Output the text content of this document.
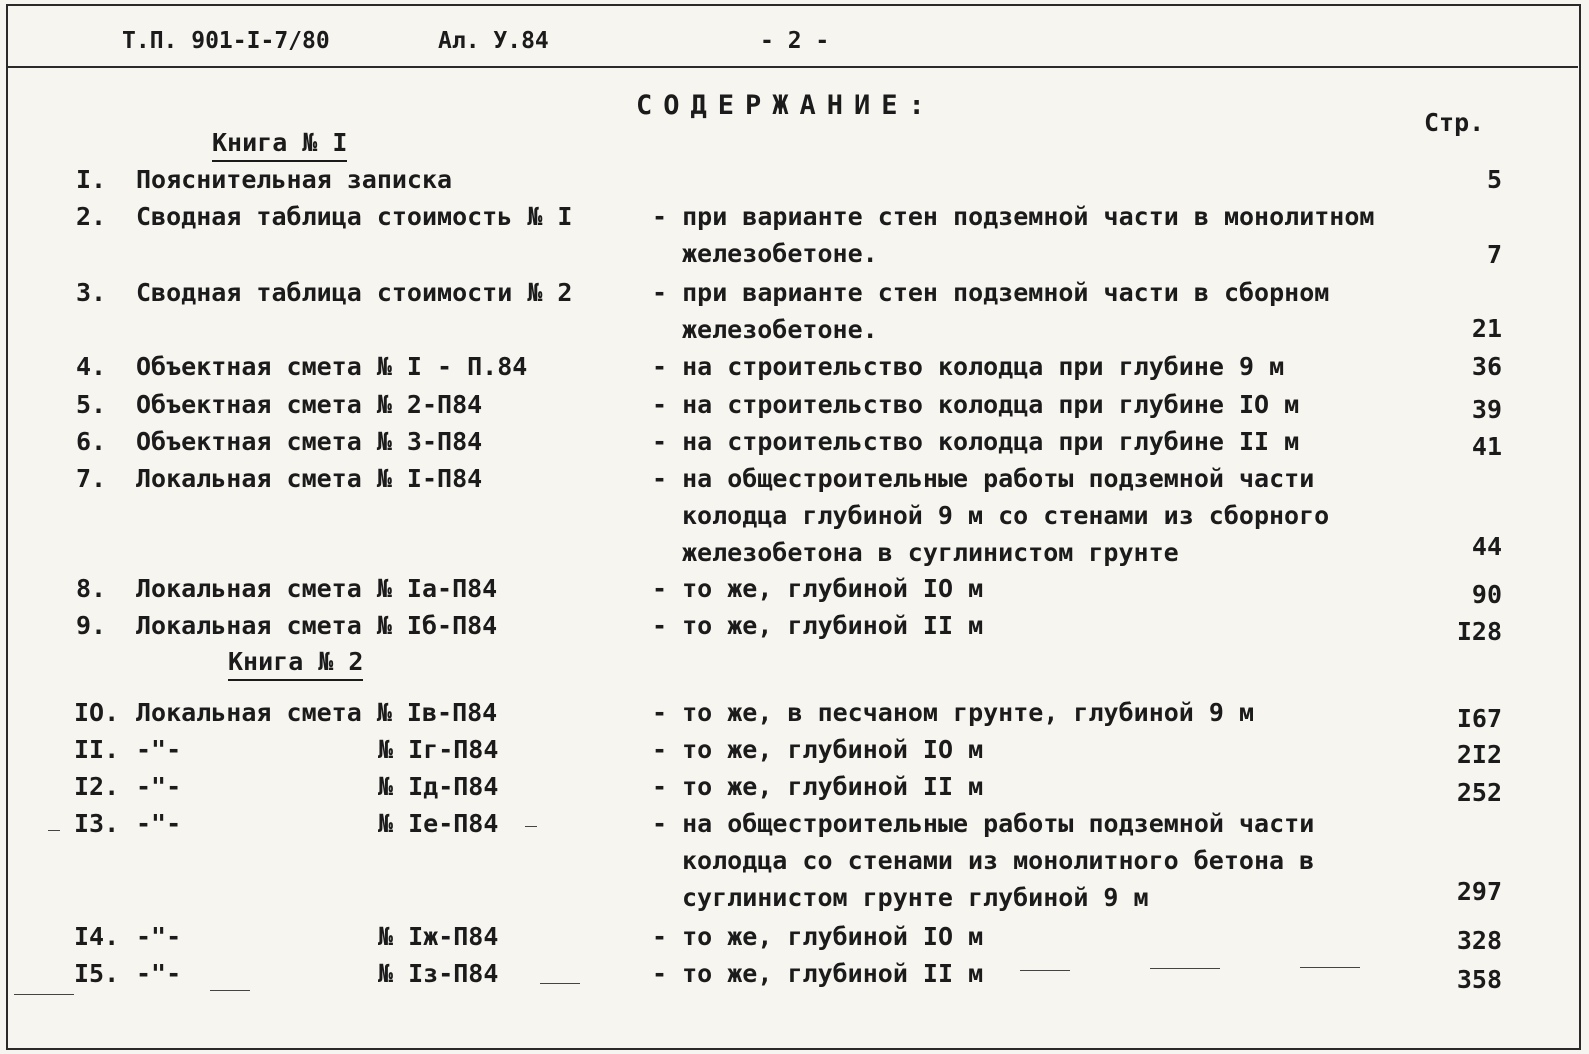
Т.П. 901-I-7/80	Ал. У.84	- 2 -
СОДЕРЖАНИЕ:
Стр.
Книга № I
Книга № 2
I. Пояснительная записка	5
2. Сводная таблица стоимость № I	- при варианте стен подземной части в монолитном
железобетоне.	7
3. Сводная таблица стоимости № 2	- при варианте стен подземной части в сборном
железобетоне.	21
4. Объектная смета № I - П.84	- на строительство колодца при глубине 9 м	36
5. Объектная смета № 2-П84	- на строительство колодца при глубине IO м	39
6. Объектная смета № 3-П84	- на строительство колодца при глубине II м	41
7. Локальная смета № I-П84	- на общестроительные работы подземной части
колодца глубиной 9 м со стенами из сборного
железобетона в суглинистом грунте	44
8. Локальная смета № Iа-П84	- то же, глубиной IO м	90
9. Локальная смета № Iб-П84	- то же, глубиной II м	I28
IO. Локальная смета № Iв-П84	- то же, в песчаном грунте, глубиной 9 м	I67
II. -"-	№ Iг-П84	- то же, глубиной IO м	2I2
I2. -"-	№ Iд-П84	- то же, глубиной II м	252
I3. -"-	№ Iе-П84	- на общестроительные работы подземной части
колодца со стенами из монолитного бетона в
суглинистом грунте глубиной 9 м	297
I4. -"-	№ Iж-П84	- то же, глубиной IO м	328
I5. -"-	№ Iз-П84	- то же, глубиной II м	358
